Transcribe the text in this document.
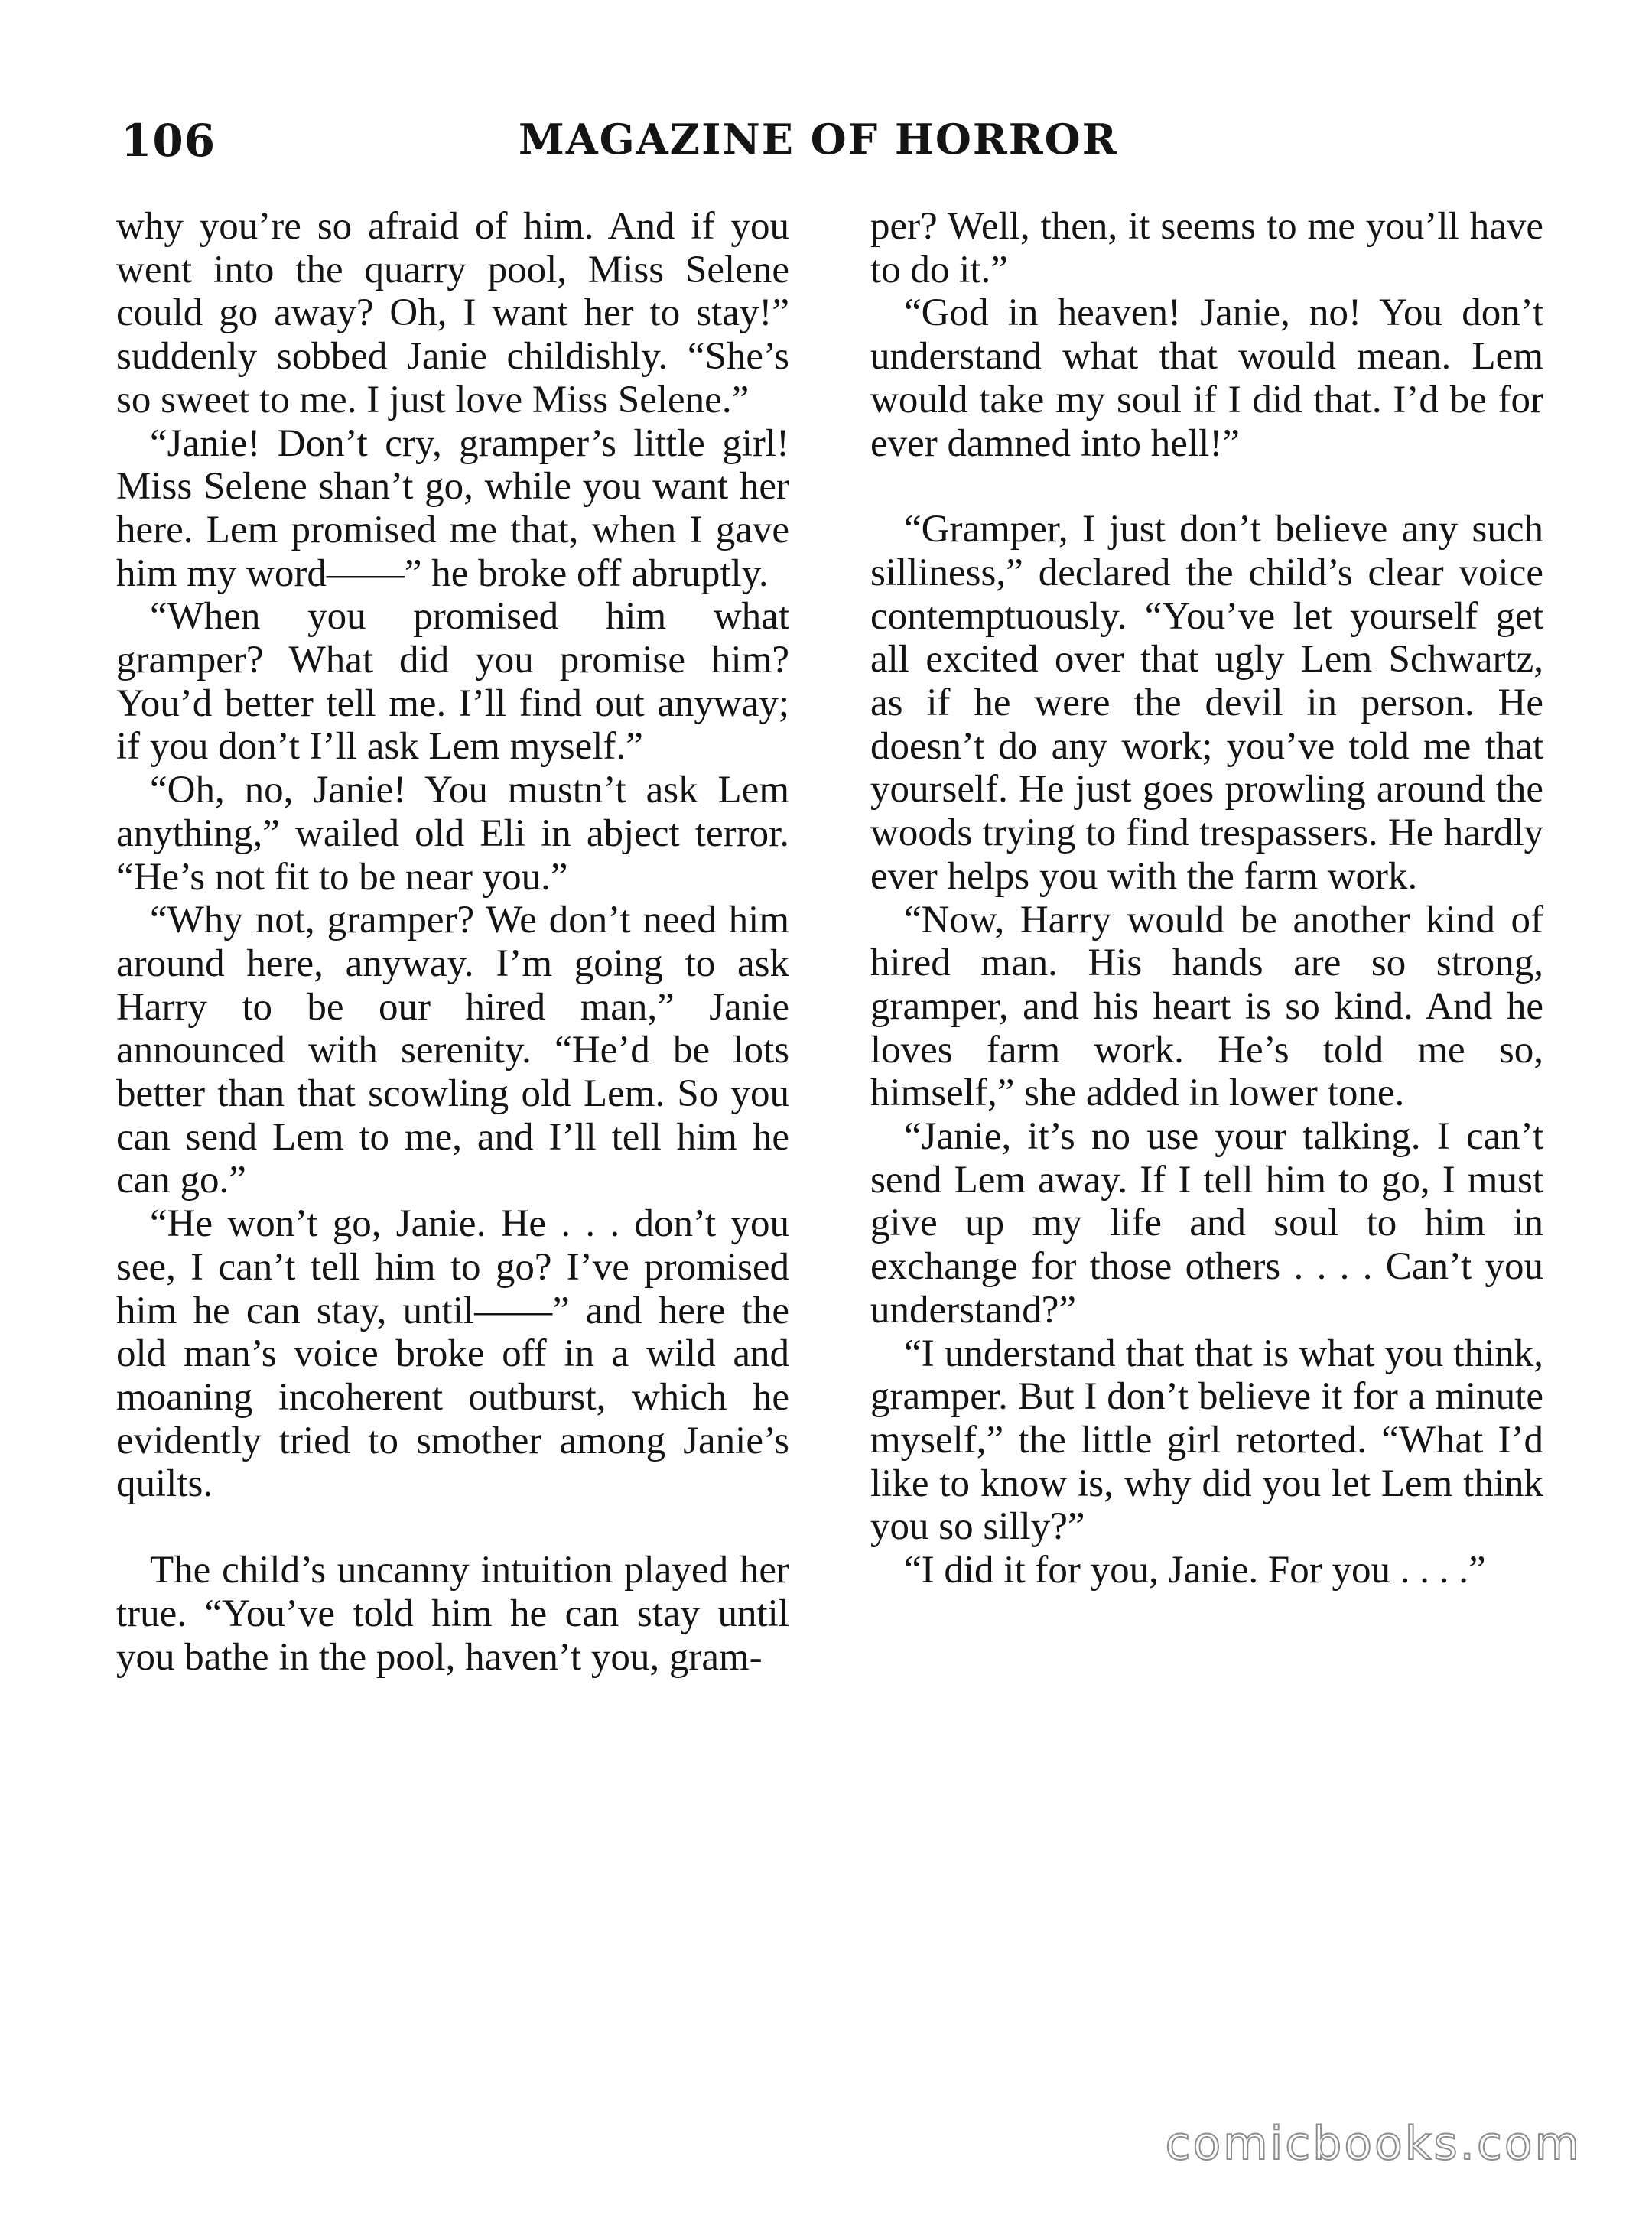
106	MAGAZINE OF HORROR

why you’re so afraid of him. And if you went into the quarry pool, Miss Selene could go away? Oh, I want her to stay!” suddenly sobbed Janie childishly. “She’s so sweet to me. I just love Miss Selene.”

“Janie! Don’t cry, gramper’s little girl! Miss Selene shan’t go, while you want her here. Lem promised me that, when I gave him my word——” he broke off abruptly.

“When you promised him what gramper? What did you promise him? You’d better tell me. I’ll find out anyway; if you don’t I’ll ask Lem myself.”

“Oh, no, Janie! You mustn’t ask Lem anything,” wailed old Eli in abject terror. “He’s not fit to be near you.”

“Why not, gramper? We don’t need him around here, anyway. I’m going to ask Harry to be our hired man,” Janie announced with serenity. “He’d be lots better than that scowling old Lem. So you can send Lem to me, and I’ll tell him he can go.”

“He won’t go, Janie. He . . . don’t you see, I can’t tell him to go? I’ve promised him he can stay, until——” and here the old man’s voice broke off in a wild and moaning incoherent outburst, which he evidently tried to smother among Janie’s quilts.

The child’s uncanny intuition played her true. “You’ve told him he can stay until you bathe in the pool, haven’t you, gram-

per? Well, then, it seems to me you’ll have to do it.”

“God in heaven! Janie, no! You don’t understand what that would mean. Lem would take my soul if I did that. I’d be for ever damned into hell!”

“Gramper, I just don’t believe any such silliness,” declared the child’s clear voice contemptuously. “You’ve let yourself get all excited over that ugly Lem Schwartz, as if he were the devil in person. He doesn’t do any work; you’ve told me that yourself. He just goes prowling around the woods trying to find trespassers. He hardly ever helps you with the farm work.

“Now, Harry would be another kind of hired man. His hands are so strong, gramper, and his heart is so kind. And he loves farm work. He’s told me so, himself,” she added in lower tone.

“Janie, it’s no use your talking. I can’t send Lem away. If I tell him to go, I must give up my life and soul to him in exchange for those others . . . . Can’t you understand?”

“I understand that that is what you think, gramper. But I don’t believe it for a minute myself,” the little girl retorted. “What I’d like to know is, why did you let Lem think you so silly?”

“I did it for you, Janie. For you . . . .”

comicbooks.com
